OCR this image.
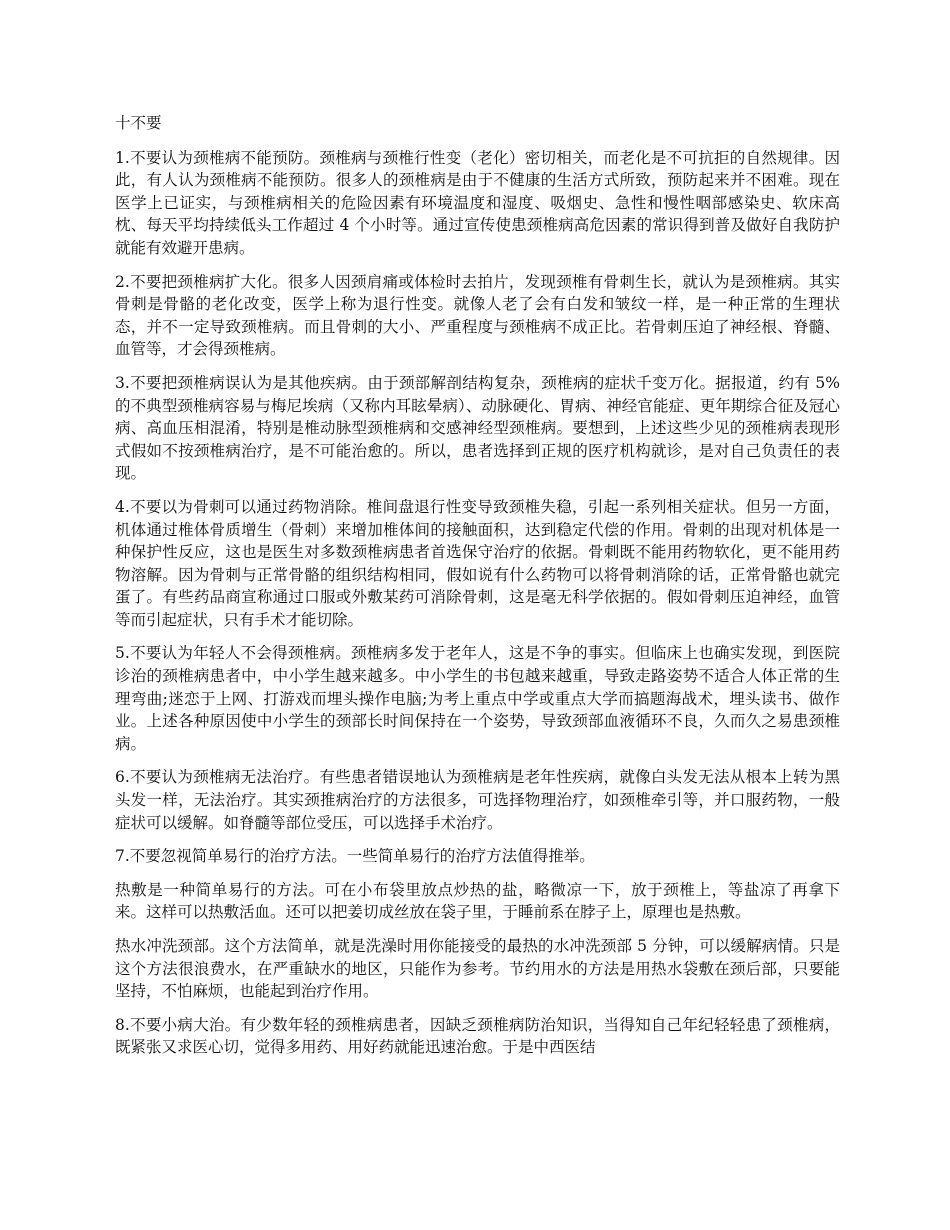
十不要

1.不要认为颈椎病不能预防。颈椎病与颈椎行性变（老化）密切相关，而老化是不可抗拒的自然规律。因此，有人认为颈椎病不能预防。很多人的颈椎病是由于不健康的生活方式所致，预防起来并不困难。现在医学上已证实，与颈椎病相关的危险因素有环境温度和湿度、吸烟史、急性和慢性咽部感染史、软床高枕、每天平均持续低头工作超过 4 个小时等。通过宣传使患颈椎病高危因素的常识得到普及做好自我防护就能有效避开患病。

2.不要把颈椎病扩大化。很多人因颈肩痛或体检时去拍片，发现颈椎有骨刺生长，就认为是颈椎病。其实骨刺是骨骼的老化改变，医学上称为退行性变。就像人老了会有白发和皱纹一样，是一种正常的生理状态，并不一定导致颈椎病。而且骨刺的大小、严重程度与颈椎病不成正比。若骨刺压迫了神经根、脊髓、血管等，才会得颈椎病。

3.不要把颈椎病误认为是其他疾病。由于颈部解剖结构复杂，颈椎病的症状千变万化。据报道，约有 5%的不典型颈椎病容易与梅尼埃病（又称内耳眩晕病）、动脉硬化、胃病、神经官能症、更年期综合征及冠心病、高血压相混淆，特别是椎动脉型颈椎病和交感神经型颈椎病。要想到，上述这些少见的颈椎病表现形式假如不按颈椎病治疗，是不可能治愈的。所以，患者选择到正规的医疗机构就诊，是对自己负责任的表现。

4.不要以为骨刺可以通过药物消除。椎间盘退行性变导致颈椎失稳，引起一系列相关症状。但另一方面，机体通过椎体骨质增生（骨刺）来增加椎体间的接触面积，达到稳定代偿的作用。骨刺的出现对机体是一种保护性反应，这也是医生对多数颈椎病患者首选保守治疗的依据。骨刺既不能用药物软化，更不能用药物溶解。因为骨刺与正常骨骼的组织结构相同，假如说有什么药物可以将骨刺消除的话，正常骨骼也就完蛋了。有些药品商宣称通过口服或外敷某药可消除骨刺，这是毫无科学依据的。假如骨刺压迫神经，血管等而引起症状，只有手术才能切除。

5.不要认为年轻人不会得颈椎病。颈椎病多发于老年人，这是不争的事实。但临床上也确实发现，到医院诊治的颈椎病患者中，中小学生越来越多。中小学生的书包越来越重，导致走路姿势不适合人体正常的生理弯曲;迷恋于上网、打游戏而埋头操作电脑;为考上重点中学或重点大学而搞题海战术，埋头读书、做作业。上述各种原因使中小学生的颈部长时间保持在一个姿势，导致颈部血液循环不良，久而久之易患颈椎病。

6.不要认为颈椎病无法治疗。有些患者错误地认为颈椎病是老年性疾病，就像白头发无法从根本上转为黑头发一样，无法治疗。其实颈推病治疗的方法很多，可选择物理治疗，如颈椎牵引等，并口服药物，一般症状可以缓解。如脊髓等部位受压，可以选择手术治疗。

7.不要忽视简单易行的治疗方法。一些简单易行的治疗方法值得推举。

热敷是一种简单易行的方法。可在小布袋里放点炒热的盐，略微凉一下，放于颈椎上，等盐凉了再拿下来。这样可以热敷活血。还可以把姜切成丝放在袋子里，于睡前系在脖子上，原理也是热敷。

热水冲洗颈部。这个方法简单，就是洗澡时用你能接受的最热的水冲洗颈部 5 分钟，可以缓解病情。只是这个方法很浪费水，在严重缺水的地区，只能作为参考。节约用水的方法是用热水袋敷在颈后部，只要能坚持，不怕麻烦，也能起到治疗作用。

8.不要小病大治。有少数年轻的颈椎病患者，因缺乏颈椎病防治知识，当得知自己年纪轻轻患了颈椎病，既紧张又求医心切，觉得多用药、用好药就能迅速治愈。于是中西医结
